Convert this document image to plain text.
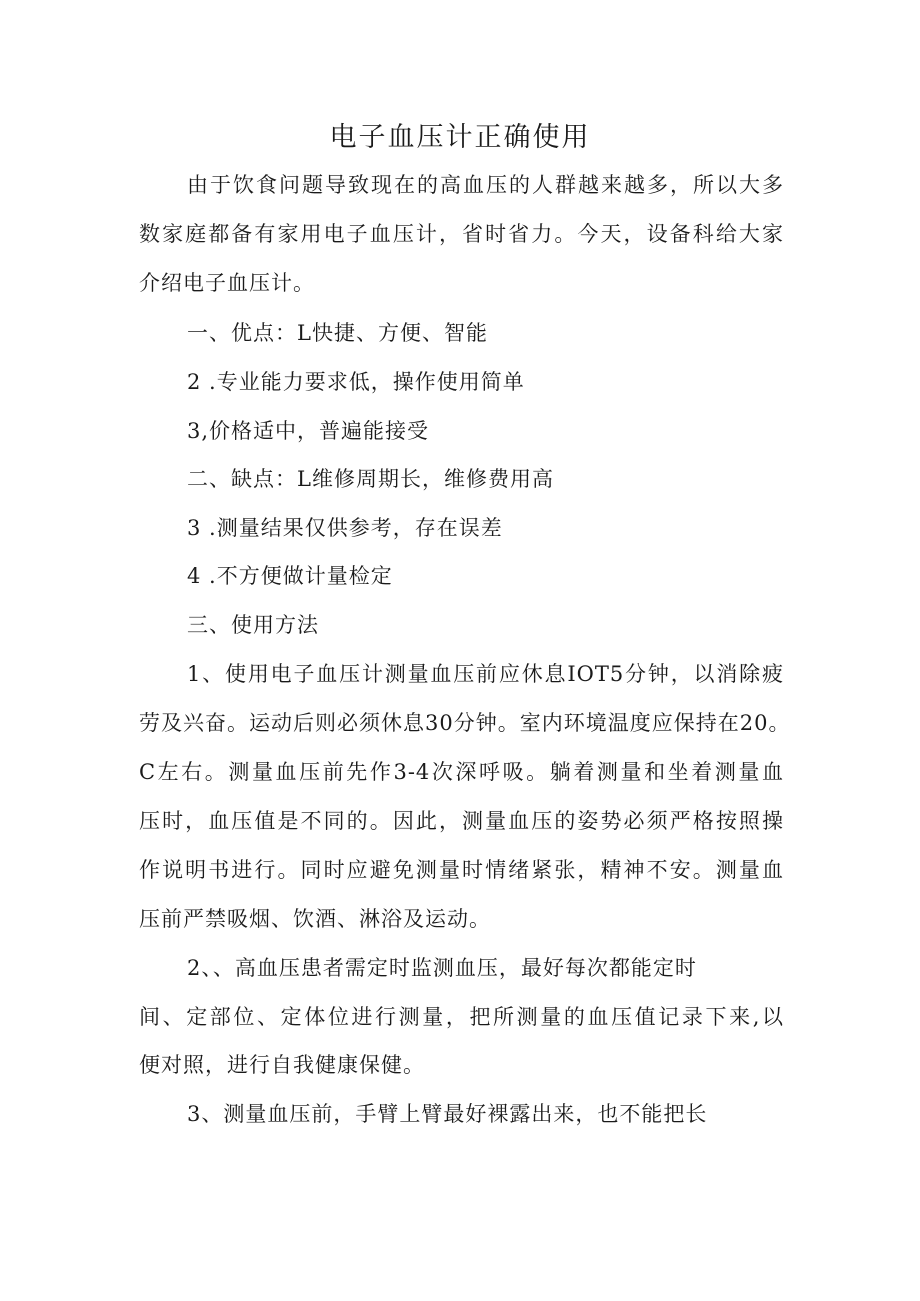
电子血压计正确使用
由于饮食问题导致现在的高血压的人群越来越多，所以大多
数家庭都备有家用电子血压计，省时省力。今天，设备科给大家
介绍电子血压计。
一、优点：L快捷、方便、智能
2 .专业能力要求低，操作使用简单
3,价格适中，普遍能接受
二、缺点：L维修周期长，维修费用高
3 .测量结果仅供参考，存在误差
4 .不方便做计量检定
三、使用方法
1、使用电子血压计测量血压前应休息IOT5分钟，以消除疲
劳及兴奋。运动后则必须休息30分钟。室内环境温度应保持在20。
C左右。测量血压前先作3-4次深呼吸。躺着测量和坐着测量血
压时，血压值是不同的。因此，测量血压的姿势必须严格按照操
作说明书进行。同时应避免测量时情绪紧张，精神不安。测量血
压前严禁吸烟、饮酒、淋浴及运动。
2、、高血压患者需定时监测血压，最好每次都能定时
间、定部位、定体位进行测量，把所测量的血压值记录下来,以
便对照，进行自我健康保健。
3、测量血压前，手臂上臂最好裸露出来，也不能把长
